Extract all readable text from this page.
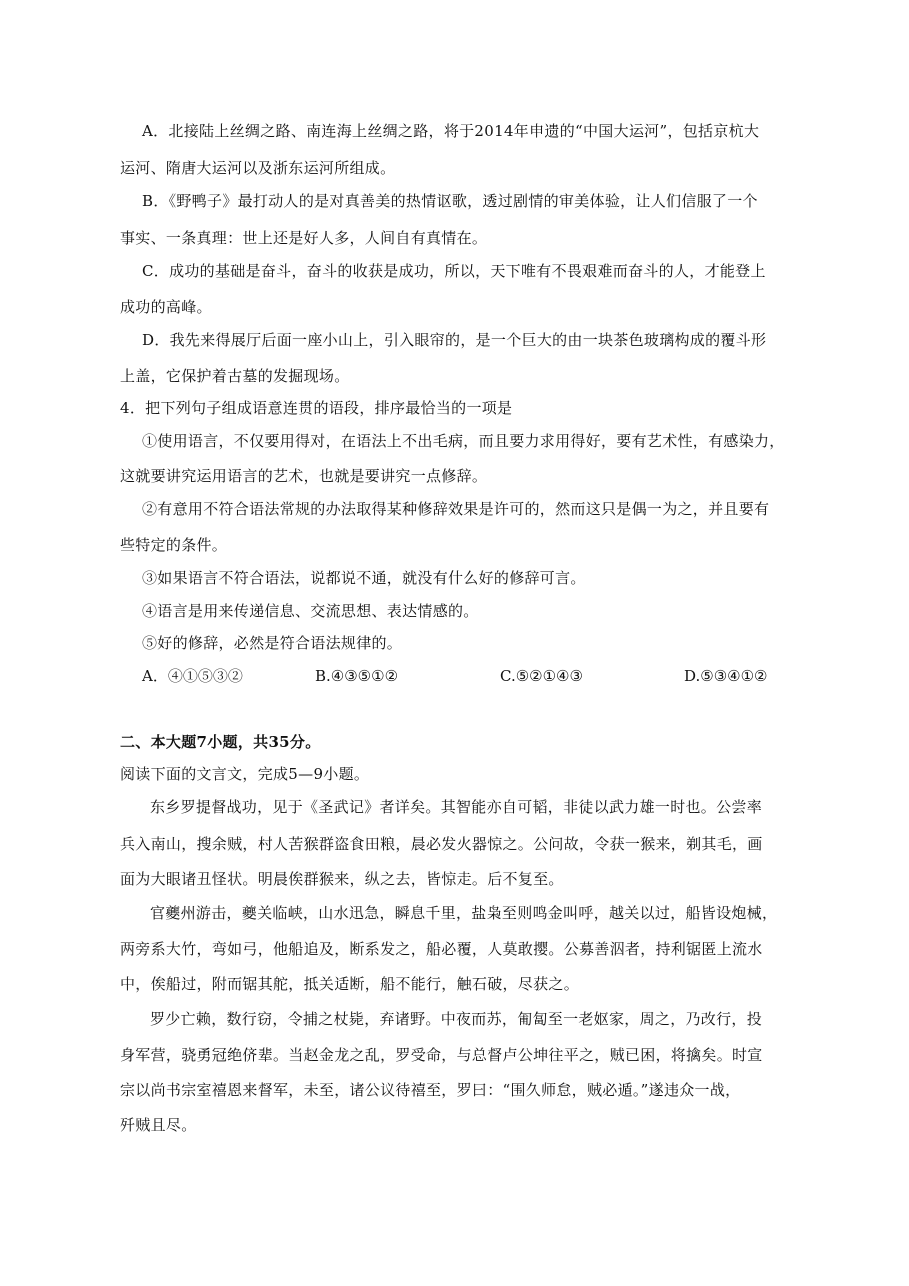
A．北接陆上丝绸之路、南连海上丝绸之路，将于2014年申遗的“中国大运河”，包括京杭大
运河、隋唐大运河以及浙东运河所组成。
B．《野鸭子》最打动人的是对真善美的热情讴歌，透过剧情的审美体验，让人们信服了一个
事实、一条真理：世上还是好人多，人间自有真情在。
C．成功的基础是奋斗，奋斗的收获是成功，所以，天下唯有不畏艰难而奋斗的人，才能登上
成功的高峰。
D．我先来得展厅后面一座小山上，引入眼帘的，是一个巨大的由一块茶色玻璃构成的覆斗形
上盖，它保护着古墓的发掘现场。
4．把下列句子组成语意连贯的语段，排序最恰当的一项是
①使用语言，不仅要用得对，在语法上不出毛病，而且要力求用得好，要有艺术性，有感染力，
这就要讲究运用语言的艺术，也就是要讲究一点修辞。
②有意用不符合语法常规的办法取得某种修辞效果是许可的，然而这只是偶一为之，并且要有
些特定的条件。
③如果语言不符合语法，说都说不通，就没有什么好的修辞可言。
④语言是用来传递信息、交流思想、表达情感的。
⑤好的修辞，必然是符合语法规律的。
A．④①⑤③②	B.④③⑤①②	C.⑤②①④③	D.⑤③④①②
二、本大题7小题，共35分。
阅读下面的文言文，完成5—9小题。
东乡罗提督战功，见于《圣武记》者详矣。其智能亦自可韬，非徒以武力雄一时也。公尝率
兵入南山，搜余贼，村人苦猴群盗食田粮，晨必发火器惊之。公问故，令获一猴来，剃其毛，画
面为大眼诸丑怪状。明晨俟群猴来，纵之去，皆惊走。后不复至。
官夔州游击，夔关临峡，山水迅急，瞬息千里，盐枭至则鸣金叫呼，越关以过，船皆设炮械，
两旁系大竹，弯如弓，他船追及，断系发之，船必覆，人莫敢撄。公募善泅者，持利锯匿上流水
中，俟船过，附而锯其舵，抵关适断，船不能行，触石破，尽获之。
罗少亡赖，数行窃，令捕之杖毙，弃诸野。中夜而苏，匍匐至一老妪家，周之，乃改行，投
身军营，骁勇冠绝侪辈。当赵金龙之乱，罗受命，与总督卢公坤往平之，贼已困，将擒矣。时宣
宗以尚书宗室禧恩来督军，未至，诸公议待禧至，罗曰：“围久师怠，贼必遁。”遂违众一战，
歼贼且尽。
